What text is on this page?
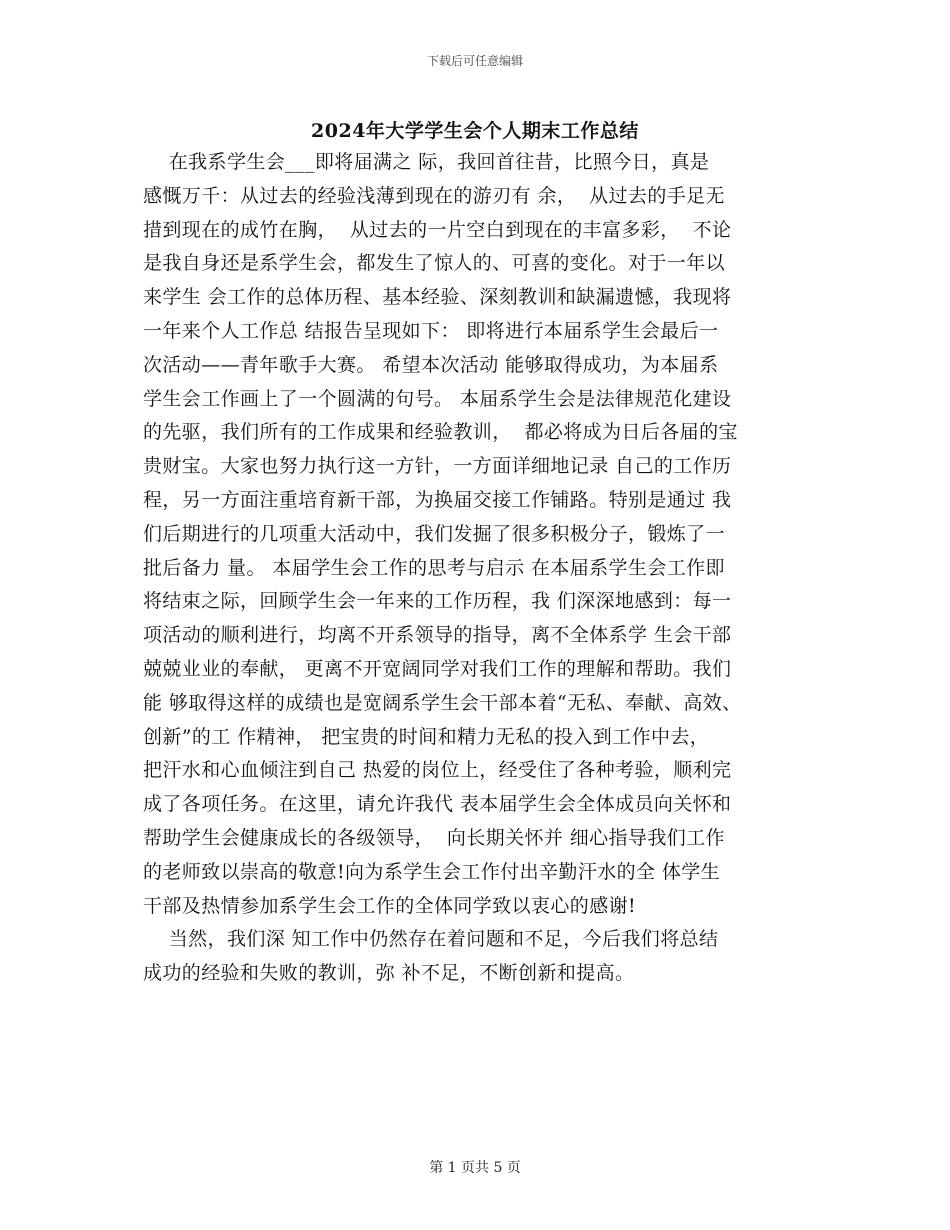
下载后可任意编辑
2024年大学学生会个人期末工作总结
在我系学生会___即将届满之 际，我回首往昔，比照今日，真是
感慨万千：从过去的经验浅薄到现在的游刃有 余，  从过去的手足无
措到现在的成竹在胸，  从过去的一片空白到现在的丰富多彩，  不论
是我自身还是系学生会，都发生了惊人的、可喜的变化。对于一年以
来学生 会工作的总体历程、基本经验、深刻教训和缺漏遗憾，我现将
一年来个人工作总 结报告呈现如下： 即将进行本届系学生会最后一
次活动——青年歌手大赛。 希望本次活动 能够取得成功，为本届系
学生会工作画上了一个圆满的句号。 本届系学生会是法律规范化建设
的先驱，我们所有的工作成果和经验教训，  都必将成为日后各届的宝
贵财宝。大家也努力执行这一方针，一方面详细地记录 自己的工作历
程，另一方面注重培育新干部，为换届交接工作铺路。特别是通过 我
们后期进行的几项重大活动中，我们发掘了很多积极分子，锻炼了一
批后备力 量。 本届学生会工作的思考与启示 在本届系学生会工作即
将结束之际，回顾学生会一年来的工作历程，我 们深深地感到：每一
项活动的顺利进行，均离不开系领导的指导，离不全体系学 生会干部
兢兢业业的奉献， 更离不开宽阔同学对我们工作的理解和帮助。我们
能 够取得这样的成绩也是宽阔系学生会干部本着“无私、奉献、高效、
创新”的工 作精神， 把宝贵的时间和精力无私的投入到工作中去，
把汗水和心血倾注到自己 热爱的岗位上，经受住了各种考验，顺利完
成了各项任务。在这里，请允许我代 表本届学生会全体成员向关怀和
帮助学生会健康成长的各级领导，  向长期关怀并 细心指导我们工作
的老师致以崇高的敬意!向为系学生会工作付出辛勤汗水的全 体学生
干部及热情参加系学生会工作的全体同学致以衷心的感谢!
当然，我们深 知工作中仍然存在着问题和不足，今后我们将总结
成功的经验和失败的教训，弥 补不足，不断创新和提高。
第 1 页共 5 页
